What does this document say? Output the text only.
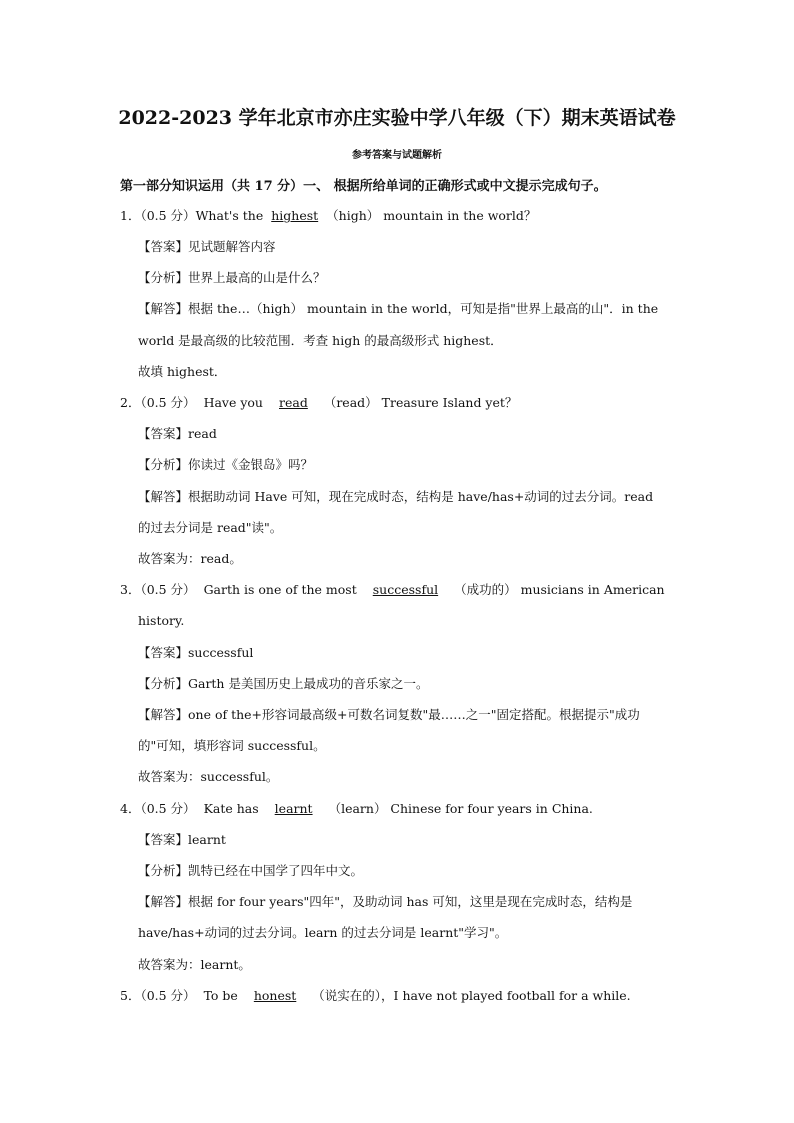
2022-2023 学年北京市亦庄实验中学八年级（下）期末英语试卷
参考答案与试题解析
第一部分知识运用（共 17 分）一、 根据所给单词的正确形式或中文提示完成句子。
1．（0.5 分）What's the highest （high） mountain in the world？
【答案】见试题解答内容
【分析】世界上最高的山是什么？
【解答】根据 the…（high） mountain in the world，可知是指"世界上最高的山"．in the
world 是最高级的比较范围．考查 high 的最高级形式 highest．
故填 highest．
2．（0.5 分） Have you read （read） Treasure Island yet？
【答案】read
【分析】你读过《金银岛》吗？
【解答】根据助动词 Have 可知，现在完成时态，结构是 have/has+动词的过去分词。read
的过去分词是 read"读"。
故答案为：read。
3．（0.5 分） Garth is one of the most successful （成功的） musicians in American
history.
【答案】successful
【分析】Garth 是美国历史上最成功的音乐家之一。
【解答】one of the+形容词最高级+可数名词复数"最……之一"固定搭配。根据提示"成功
的"可知，填形容词 successful。
故答案为：successful。
4．（0.5 分） Kate has learnt （learn） Chinese for four years in China.
【答案】learnt
【分析】凯特已经在中国学了四年中文。
【解答】根据 for four years"四年"，及助动词 has 可知，这里是现在完成时态，结构是
have/has+动词的过去分词。learn 的过去分词是 learnt"学习"。
故答案为：learnt。
5．（0.5 分） To be honest （说实在的），I have not played football for a while.
